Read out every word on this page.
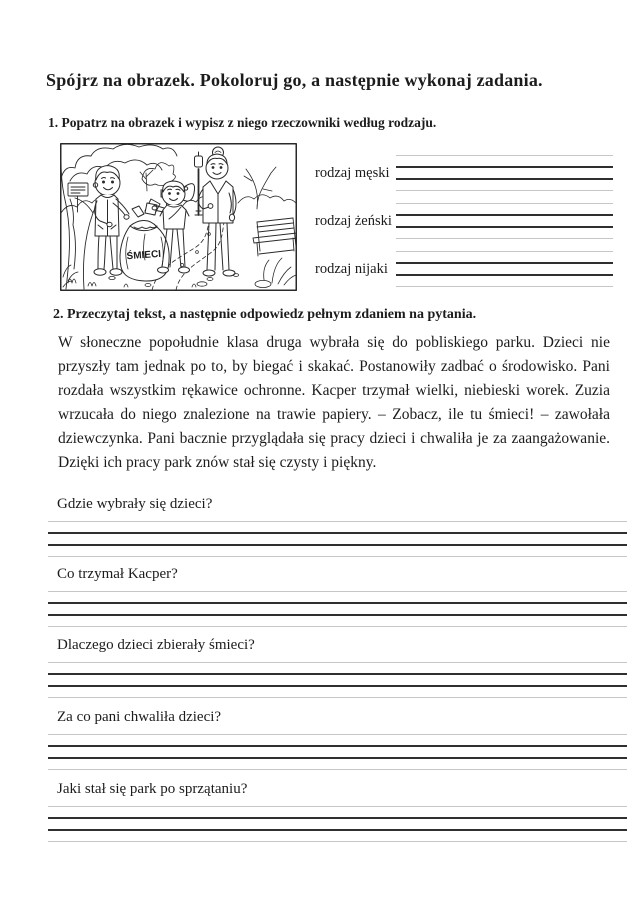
Spójrz na obrazek. Pokoloruj go, a następnie wykonaj zadania.
1. Popatrz na obrazek i wypisz z niego rzeczowniki według rodzaju.
ŚMIECI
rodzaj męski
rodzaj żeński
rodzaj nijaki
2. Przeczytaj tekst, a następnie odpowiedz pełnym zdaniem na pytania.
W słoneczne popołudnie klasa druga wybrała się do pobliskiego parku. Dzieci nie przyszły tam jednak po to, by biegać i skakać. Postanowiły zadbać o środowisko. Pani rozdała wszystkim rękawice ochronne. Kacper trzymał wielki, niebieski worek. Zuzia wrzucała do niego znalezione na trawie papiery. – Zobacz, ile tu śmieci! – zawołała dziewczynka. Pani bacznie przyglądała się pracy dzieci i chwaliła je za zaangażowanie. Dzięki ich pracy park znów stał się czysty i piękny.
Gdzie wybrały się dzieci?
Co trzymał Kacper?
Dlaczego dzieci zbierały śmieci?
Za co pani chwaliła dzieci?
Jaki stał się park po sprzątaniu?
